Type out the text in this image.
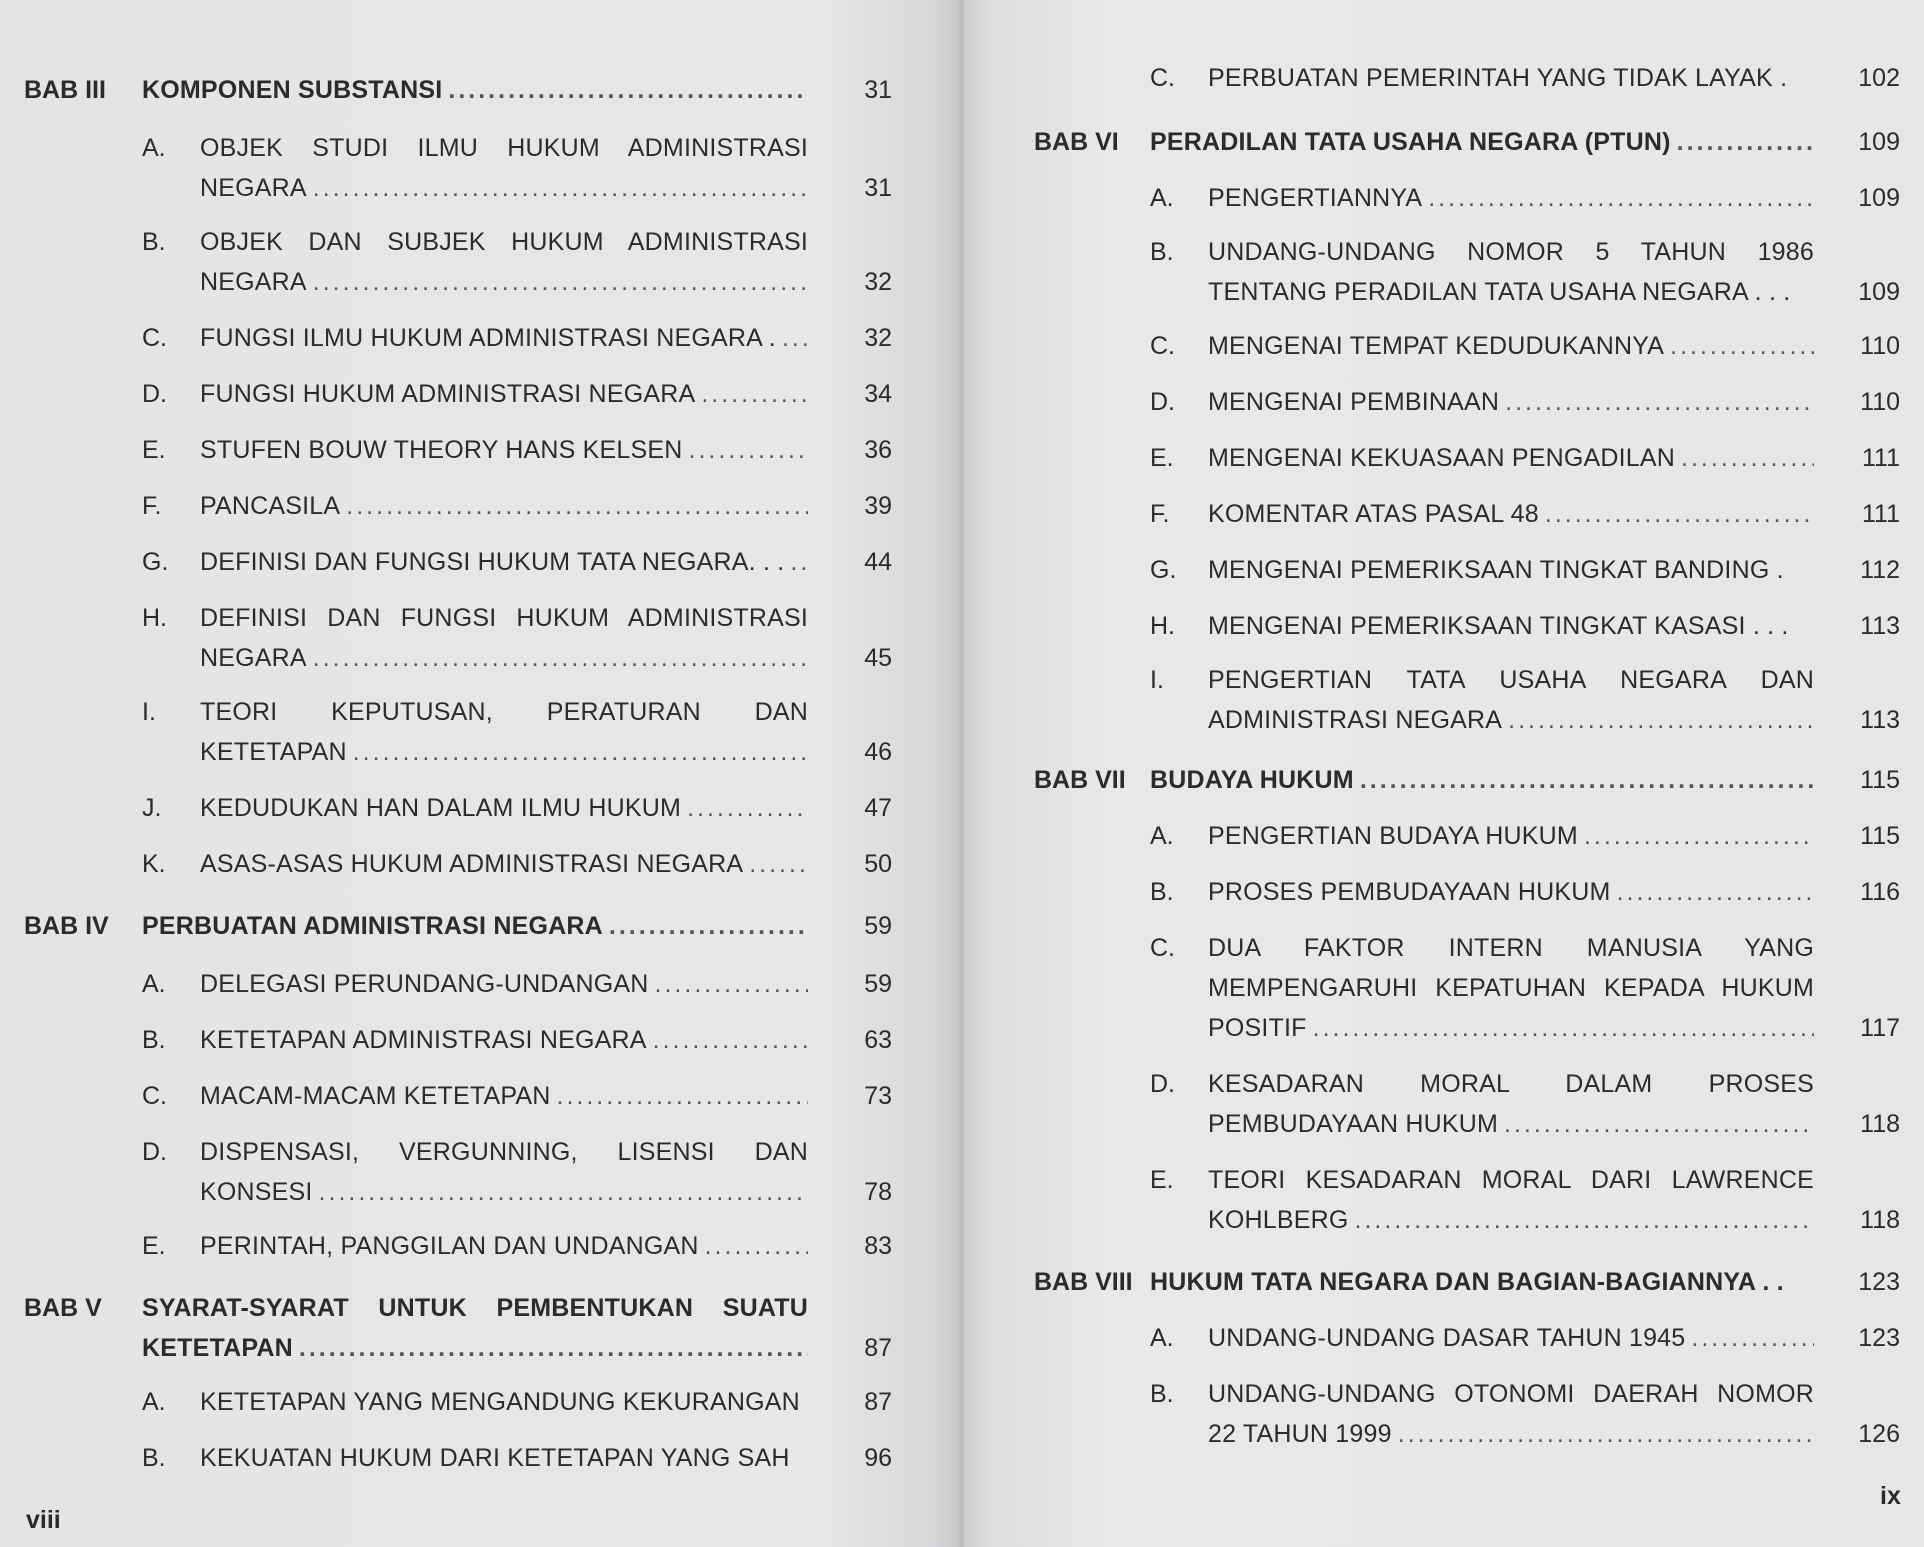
BAB III KOMPONEN SUBSTANSI .....	31
A. OBJEK STUDI ILMU HUKUM ADMINISTRASI
NEGARA .....	31
B. OBJEK DAN SUBJEK HUKUM ADMINISTRASI
NEGARA .....	32
C. FUNGSI ILMU HUKUM ADMINISTRASI NEGARA . .....	32
D. FUNGSI HUKUM ADMINISTRASI NEGARA .....	34
E. STUFEN BOUW THEORY HANS KELSEN .....	36
F. PANCASILA .....	39
G. DEFINISI DAN FUNGSI HUKUM TATA NEGARA. . . .....	44
H. DEFINISI DAN FUNGSI HUKUM ADMINISTRASI
NEGARA .....	45
I. TEORI KEPUTUSAN, PERATURAN DAN
KETETAPAN .....	46
J. KEDUDUKAN HAN DALAM ILMU HUKUM .....	47
K. ASAS-ASAS HUKUM ADMINISTRASI NEGARA .....	50
BAB IV PERBUATAN ADMINISTRASI NEGARA .....	59
A. DELEGASI PERUNDANG-UNDANGAN .....	59
B. KETETAPAN ADMINISTRASI NEGARA .....	63
C. MACAM-MACAM KETETAPAN .....	73
D. DISPENSASI, VERGUNNING, LISENSI DAN
KONSESI .....	78
E. PERINTAH, PANGGILAN DAN UNDANGAN .....	83
BAB V SYARAT-SYARAT UNTUK PEMBENTUKAN SUATU
KETETAPAN .....	87
A. KETETAPAN YANG MENGANDUNG KEKURANGAN	87
B. KEKUATAN HUKUM DARI KETETAPAN YANG SAH	96
viii
C. PERBUATAN PEMERINTAH YANG TIDAK LAYAK .	102
BAB VI PERADILAN TATA USAHA NEGARA (PTUN) .....	109
A. PENGERTIANNYA .....	109
B. UNDANG-UNDANG NOMOR 5 TAHUN 1986
TENTANG PERADILAN TATA USAHA NEGARA . . .	109
C. MENGENAI TEMPAT KEDUDUKANNYA .....	110
D. MENGENAI PEMBINAAN .....	110
E. MENGENAI KEKUASAAN PENGADILAN .....	111
F. KOMENTAR ATAS PASAL 48 .....	111
G. MENGENAI PEMERIKSAAN TINGKAT BANDING .	112
H. MENGENAI PEMERIKSAAN TINGKAT KASASI . . .	113
I. PENGERTIAN TATA USAHA NEGARA DAN
ADMINISTRASI NEGARA .....	113
BAB VII BUDAYA HUKUM .....	115
A. PENGERTIAN BUDAYA HUKUM .....	115
B. PROSES PEMBUDAYAAN HUKUM .....	116
C. DUA FAKTOR INTERN MANUSIA YANG
MEMPENGARUHI KEPATUHAN KEPADA HUKUM
POSITIF .....	117
D. KESADARAN MORAL DALAM PROSES
PEMBUDAYAAN HUKUM .....	118
E. TEORI KESADARAN MORAL DARI LAWRENCE
KOHLBERG .....	118
BAB VIII HUKUM TATA NEGARA DAN BAGIAN-BAGIANNYA . .	123
A. UNDANG-UNDANG DASAR TAHUN 1945 .....	123
B. UNDANG-UNDANG OTONOMI DAERAH NOMOR
22 TAHUN 1999 .....	126
ix
